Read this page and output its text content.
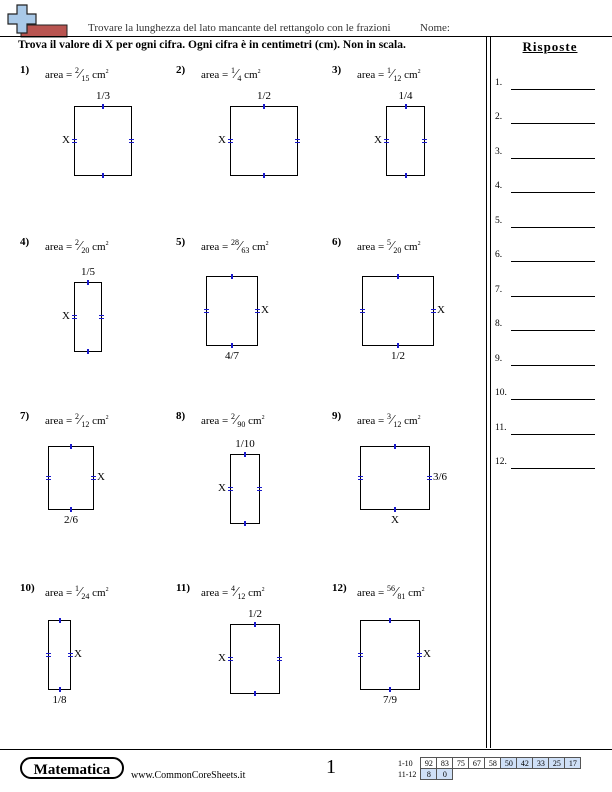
Trovare la lunghezza del lato mancante del rettangolo con le frazioni	Nome:
Trova il valore di X per ogni cifra. Ogni cifra è in centimetri (cm). Non in scala.	Risposte
1.
2.
3.
4.
5.
6.
7.
8.
9.
10.
11.
12.
1) area = $^2⁄_{15}$ $cm^2$
1/3
X
2) area = $^1⁄_4$ $cm^2$
1/2
X
3) area = $^1⁄_{12}$ $cm^2$
1/4
X
4) area = $^2⁄_{20}$ $cm^2$
1/5
X
5) area = $^{28}⁄_{63}$ $cm^2$
4/7
X
6) area = $^5⁄_{20}$ $cm^2$
1/2
X
7) area = $^2⁄_{12}$ $cm^2$
2/6
X
8) area = $^2⁄_{90}$ $cm^2$
1/10
X
9) area = $^3⁄_{12}$ $cm^2$
X
3/6
10) area = $^1⁄_{24}$ $cm^2$
1/8
X
11) area = $^4⁄_{12}$ $cm^2$
1/2
X
12) area = $^{56}⁄_{81}$ $cm^2$
7/9
X
Matematica	www.CommonCoreSheets.it	1	1-10	92	83	75	67	58	50	42	33	25	17
11-12	8	0								
